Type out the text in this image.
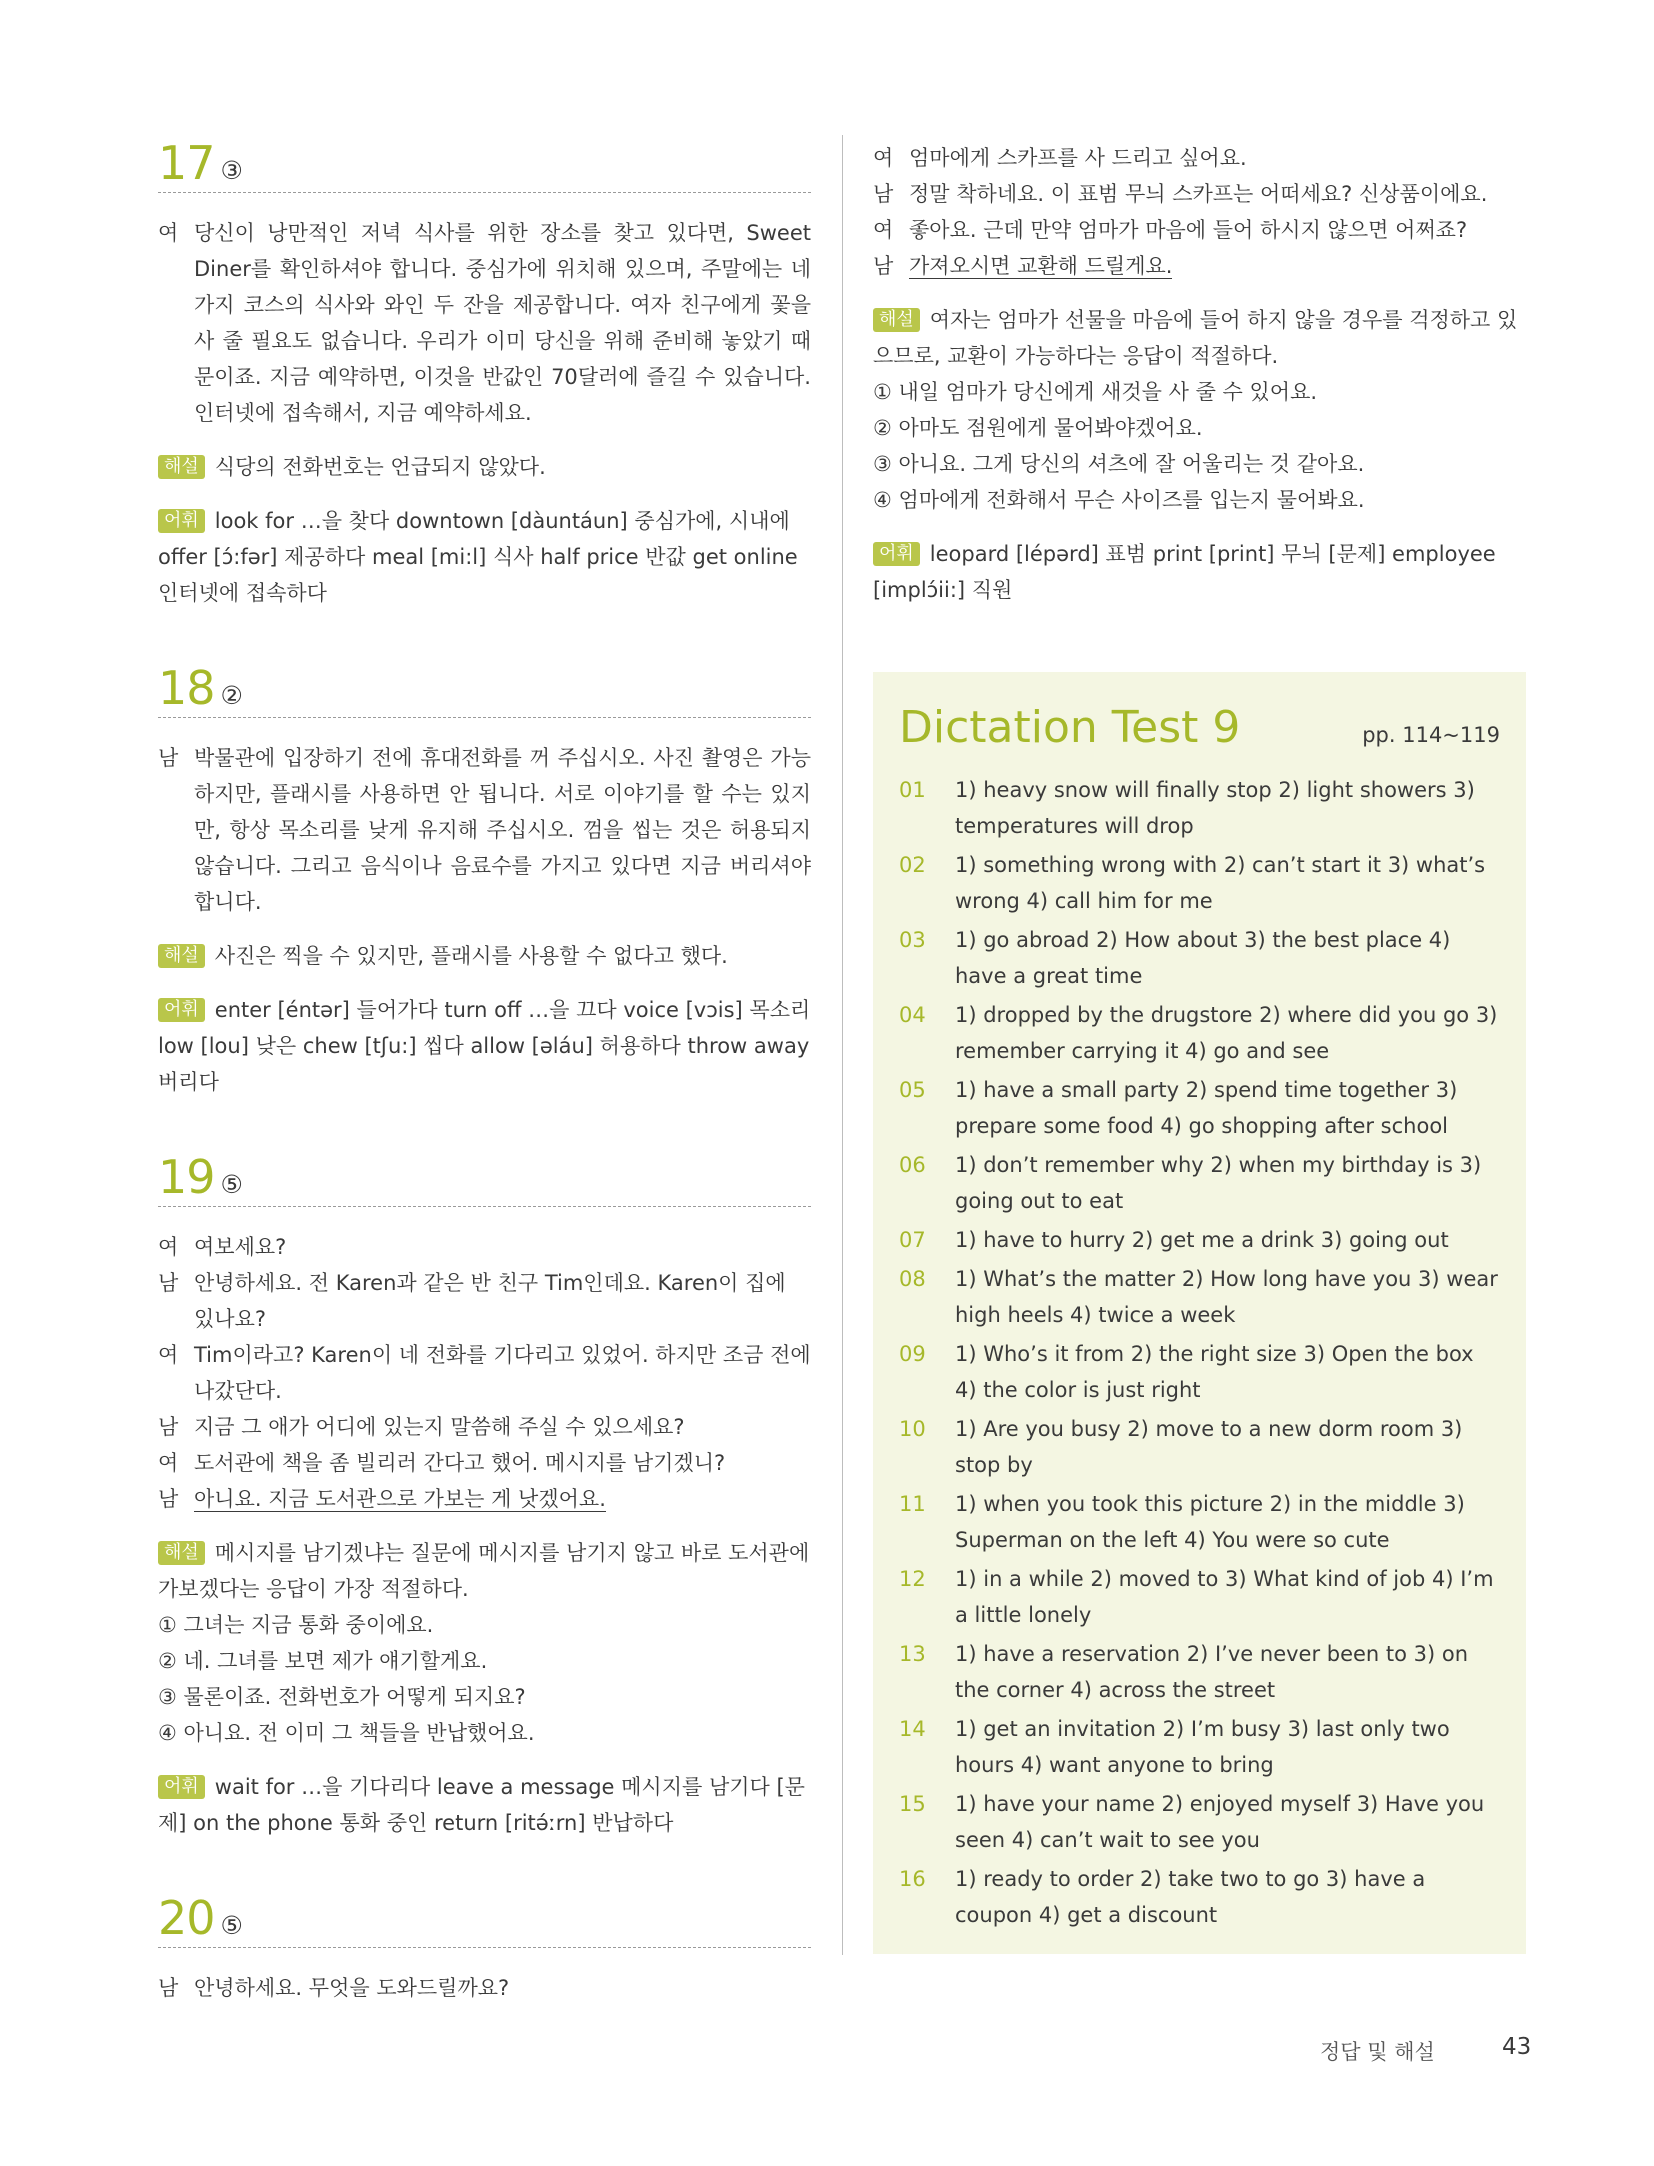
17 ③
여 당신이 낭만적인 저녁 식사를 위한 장소를 찾고 있다면, Sweet Diner를 확인하셔야 합니다. 중심가에 위치해 있으며, 주말에는 네 가지 코스의 식사와 와인 두 잔을 제공합니다. 여자 친구에게 꽃을 사 줄 필요도 없습니다. 우리가 이미 당신을 위해 준비해 놓았기 때문이죠. 지금 예약하면, 이것을 반값인 70달러에 즐길 수 있습니다. 인터넷에 접속해서, 지금 예약하세요.
해설 식당의 전화번호는 언급되지 않았다.
어휘 look for …을 찾다 downtown [dàuntáun] 중심가에, 시내에 offer [ɔ́:fər] 제공하다 meal [mi:l] 식사 half price 반값 get online 인터넷에 접속하다
18 ②
남 박물관에 입장하기 전에 휴대전화를 꺼 주십시오. 사진 촬영은 가능하지만, 플래시를 사용하면 안 됩니다. 서로 이야기를 할 수는 있지만, 항상 목소리를 낮게 유지해 주십시오. 껌을 씹는 것은 허용되지 않습니다. 그리고 음식이나 음료수를 가지고 있다면 지금 버리셔야 합니다.
해설 사진은 찍을 수 있지만, 플래시를 사용할 수 없다고 했다.
어휘 enter [éntər] 들어가다 turn off …을 끄다 voice [vɔis] 목소리 low [lou] 낮은 chew [tʃu:] 씹다 allow [əláu] 허용하다 throw away 버리다
19 ⑤
여 여보세요?
남 안녕하세요. 전 Karen과 같은 반 친구 Tim인데요. Karen이 집에 있나요?
여 Tim이라고? Karen이 네 전화를 기다리고 있었어. 하지만 조금 전에 나갔단다.
남 지금 그 애가 어디에 있는지 말씀해 주실 수 있으세요?
여 도서관에 책을 좀 빌리러 간다고 했어. 메시지를 남기겠니?
남 아니요. 지금 도서관으로 가보는 게 낫겠어요.
해설 메시지를 남기겠냐는 질문에 메시지를 남기지 않고 바로 도서관에 가보겠다는 응답이 가장 적절하다.
① 그녀는 지금 통화 중이에요.
② 네. 그녀를 보면 제가 얘기할게요.
③ 물론이죠. 전화번호가 어떻게 되지요?
④ 아니요. 전 이미 그 책들을 반납했어요.
어휘 wait for …을 기다리다 leave a message 메시지를 남기다 [문제] on the phone 통화 중인 return [ritə́ːrn] 반납하다
20 ⑤
남 안녕하세요. 무엇을 도와드릴까요?
여 엄마에게 스카프를 사 드리고 싶어요.
남 정말 착하네요. 이 표범 무늬 스카프는 어떠세요? 신상품이에요.
여 좋아요. 근데 만약 엄마가 마음에 들어 하시지 않으면 어쩌죠?
남 가져오시면 교환해 드릴게요.
해설 여자는 엄마가 선물을 마음에 들어 하지 않을 경우를 걱정하고 있으므로, 교환이 가능하다는 응답이 적절하다.
① 내일 엄마가 당신에게 새것을 사 줄 수 있어요.
② 아마도 점원에게 물어봐야겠어요.
③ 아니요. 그게 당신의 셔츠에 잘 어울리는 것 같아요.
④ 엄마에게 전화해서 무슨 사이즈를 입는지 물어봐요.
어휘 leopard [lépərd] 표범 print [print] 무늬 [문제] employee [implɔ́ii:] 직원
Dictation Test 9	pp. 114~119
01	1) heavy snow will finally stop 2) light showers 3) temperatures will drop
02	1) something wrong with 2) can’t start it 3) what’s wrong 4) call him for me
03	1) go abroad 2) How about 3) the best place 4) have a great time
04	1) dropped by the drugstore 2) where did you go 3) remember carrying it 4) go and see
05	1) have a small party 2) spend time together 3) prepare some food 4) go shopping after school
06	1) don’t remember why 2) when my birthday is 3) going out to eat
07	1) have to hurry 2) get me a drink 3) going out
08	1) What’s the matter 2) How long have you 3) wear high heels 4) twice a week
09	1) Who’s it from 2) the right size 3) Open the box 4) the color is just right
10	1) Are you busy 2) move to a new dorm room 3) stop by
11	1) when you took this picture 2) in the middle 3) Superman on the left 4) You were so cute
12	1) in a while 2) moved to 3) What kind of job 4) I’m a little lonely
13	1) have a reservation 2) I’ve never been to 3) on the corner 4) across the street
14	1) get an invitation 2) I’m busy 3) last only two hours 4) want anyone to bring
15	1) have your name 2) enjoyed myself 3) Have you seen 4) can’t wait to see you
16	1) ready to order 2) take two to go 3) have a coupon 4) get a discount
정답 및 해설	43
